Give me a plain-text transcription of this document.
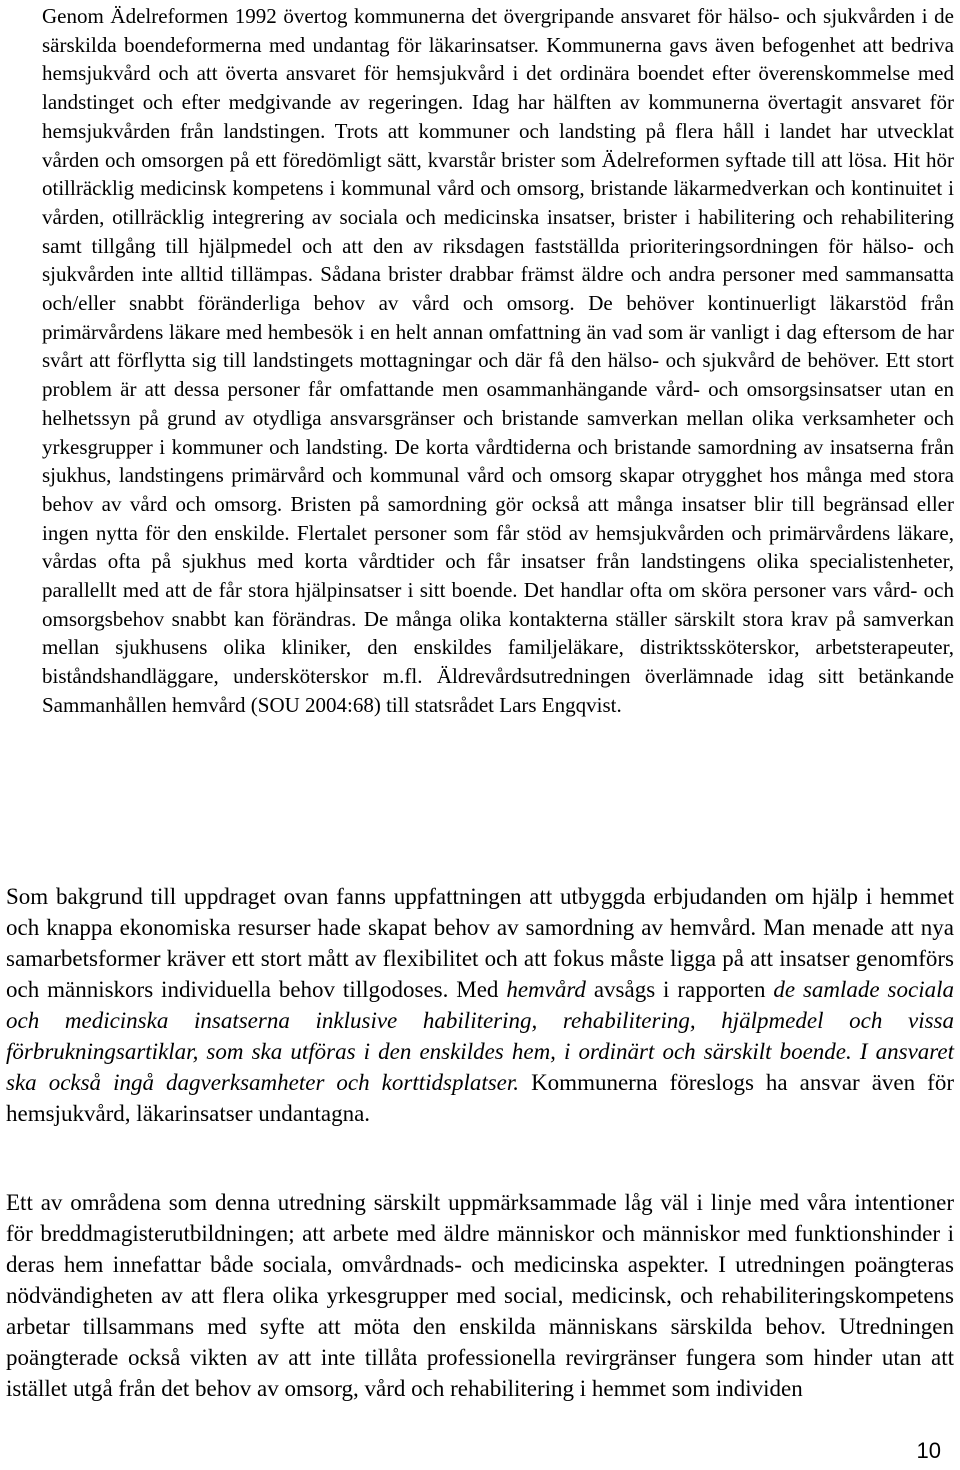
Genom Ädelreformen 1992 övertog kommunerna det övergripande ansvaret för hälso- och sjukvården i de särskilda boendeformerna med undantag för läkarinsatser. Kommunerna gavs även befogenhet att bedriva hemsjukvård och att överta ansvaret för hemsjukvård i det ordinära boendet efter överenskommelse med landstinget och efter medgivande av regeringen. Idag har hälften av kommunerna övertagit ansvaret för hemsjukvården från landstingen. Trots att kommuner och landsting på flera håll i landet har utvecklat vården och omsorgen på ett föredömligt sätt, kvarstår brister som Ädelreformen syftade till att lösa. Hit hör otillräcklig medicinsk kompetens i kommunal vård och omsorg, bristande läkarmedverkan och kontinuitet i vården, otillräcklig integrering av sociala och medicinska insatser, brister i habilitering och rehabilitering samt tillgång till hjälpmedel och att den av riksdagen fastställda prioriteringsordningen för hälso- och sjukvården inte alltid tillämpas. Sådana brister drabbar främst äldre och andra personer med sammansatta och/eller snabbt föränderliga behov av vård och omsorg. De behöver kontinuerligt läkarstöd från primärvårdens läkare med hembesök i en helt annan omfattning än vad som är vanligt i dag eftersom de har svårt att förflytta sig till landstingets mottagningar och där få den hälso- och sjukvård de behöver. Ett stort problem är att dessa personer får omfattande men osammanhängande vård- och omsorgsinsatser utan en helhetssyn på grund av otydliga ansvarsgränser och bristande samverkan mellan olika verksamheter och yrkesgrupper i kommuner och landsting. De korta vårdtiderna och bristande samordning av insatserna från sjukhus, landstingens primärvård och kommunal vård och omsorg skapar otrygghet hos många med stora behov av vård och omsorg. Bristen på samordning gör också att många insatser blir till begränsad eller ingen nytta för den enskilde. Flertalet personer som får stöd av hemsjukvården och primärvårdens läkare, vårdas ofta på sjukhus med korta vårdtider och får insatser från landstingens olika specialistenheter, parallellt med att de får stora hjälpinsatser i sitt boende. Det handlar ofta om sköra personer vars vård- och omsorgsbehov snabbt kan förändras. De många olika kontakterna ställer särskilt stora krav på samverkan mellan sjukhusens olika kliniker, den enskildes familjeläkare, distriktssköterskor, arbetsterapeuter, biståndshandläggare, undersköterskor m.fl. Äldrevårdsutredningen överlämnade idag sitt betänkande Sammanhållen hemvård (SOU 2004:68) till statsrådet Lars Engqvist.

Som bakgrund till uppdraget ovan fanns uppfattningen att utbyggda erbjudanden om hjälp i hemmet och knappa ekonomiska resurser hade skapat behov av samordning av hemvård. Man menade att nya samarbetsformer kräver ett stort mått av flexibilitet och att fokus måste ligga på att insatser genomförs och människors individuella behov tillgodoses. Med hemvård avsågs i rapporten de samlade sociala och medicinska insatserna inklusive habilitering, rehabilitering, hjälpmedel och vissa förbrukningsartiklar, som ska utföras i den enskildes hem, i ordinärt och särskilt boende. I ansvaret ska också ingå dagverksamheter och korttidsplatser. Kommunerna föreslogs ha ansvar även för hemsjukvård, läkarinsatser undantagna.

Ett av områdena som denna utredning särskilt uppmärksammade låg väl i linje med våra intentioner för breddmagisterutbildningen; att arbete med äldre människor och människor med funktionshinder i deras hem innefattar både sociala, omvårdnads- och medicinska aspekter. I utredningen poängteras nödvändigheten av att flera olika yrkesgrupper med social, medicinsk, och rehabiliteringskompetens arbetar tillsammans med syfte att möta den enskilda människans särskilda behov. Utredningen poängterade också vikten av att inte tillåta professionella revirgränser fungera som hinder utan att istället utgå från det behov av omsorg, vård och rehabilitering i hemmet som individen

10
